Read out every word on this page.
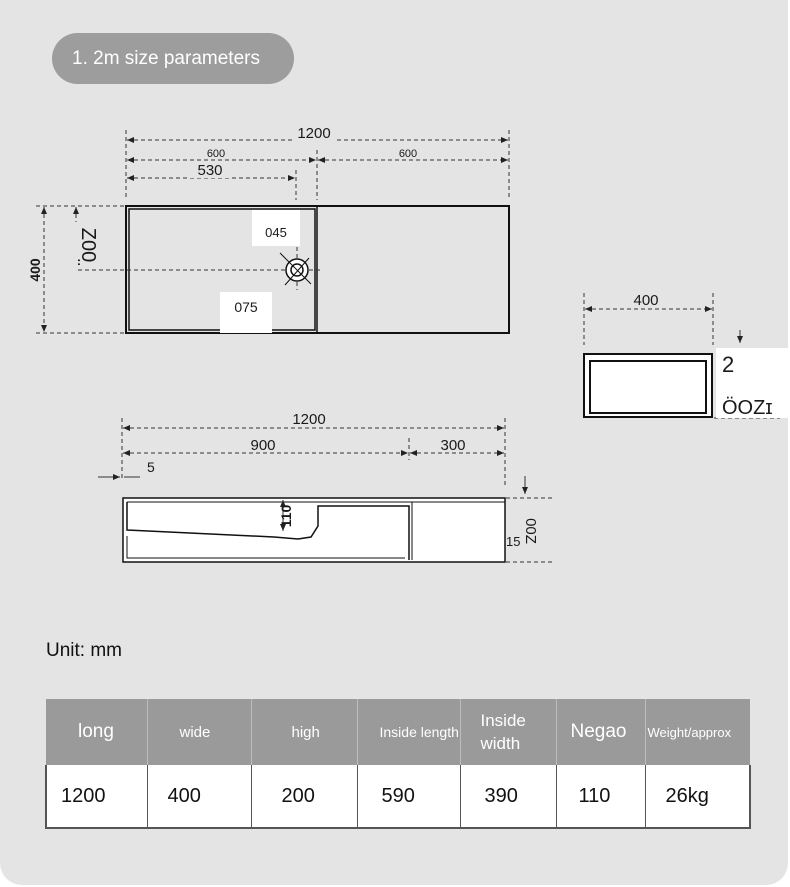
1. 2m size parameters
1200
600	600
530
400
Z00̤	045
075	400
2
ÖOZɪ
1200
900	300
5
110
15 00Z
Unit: mm
long	wide	high	Inside length	Inside width	Negao	Weight/approx
1200	400	200	590	390	110	26kg
